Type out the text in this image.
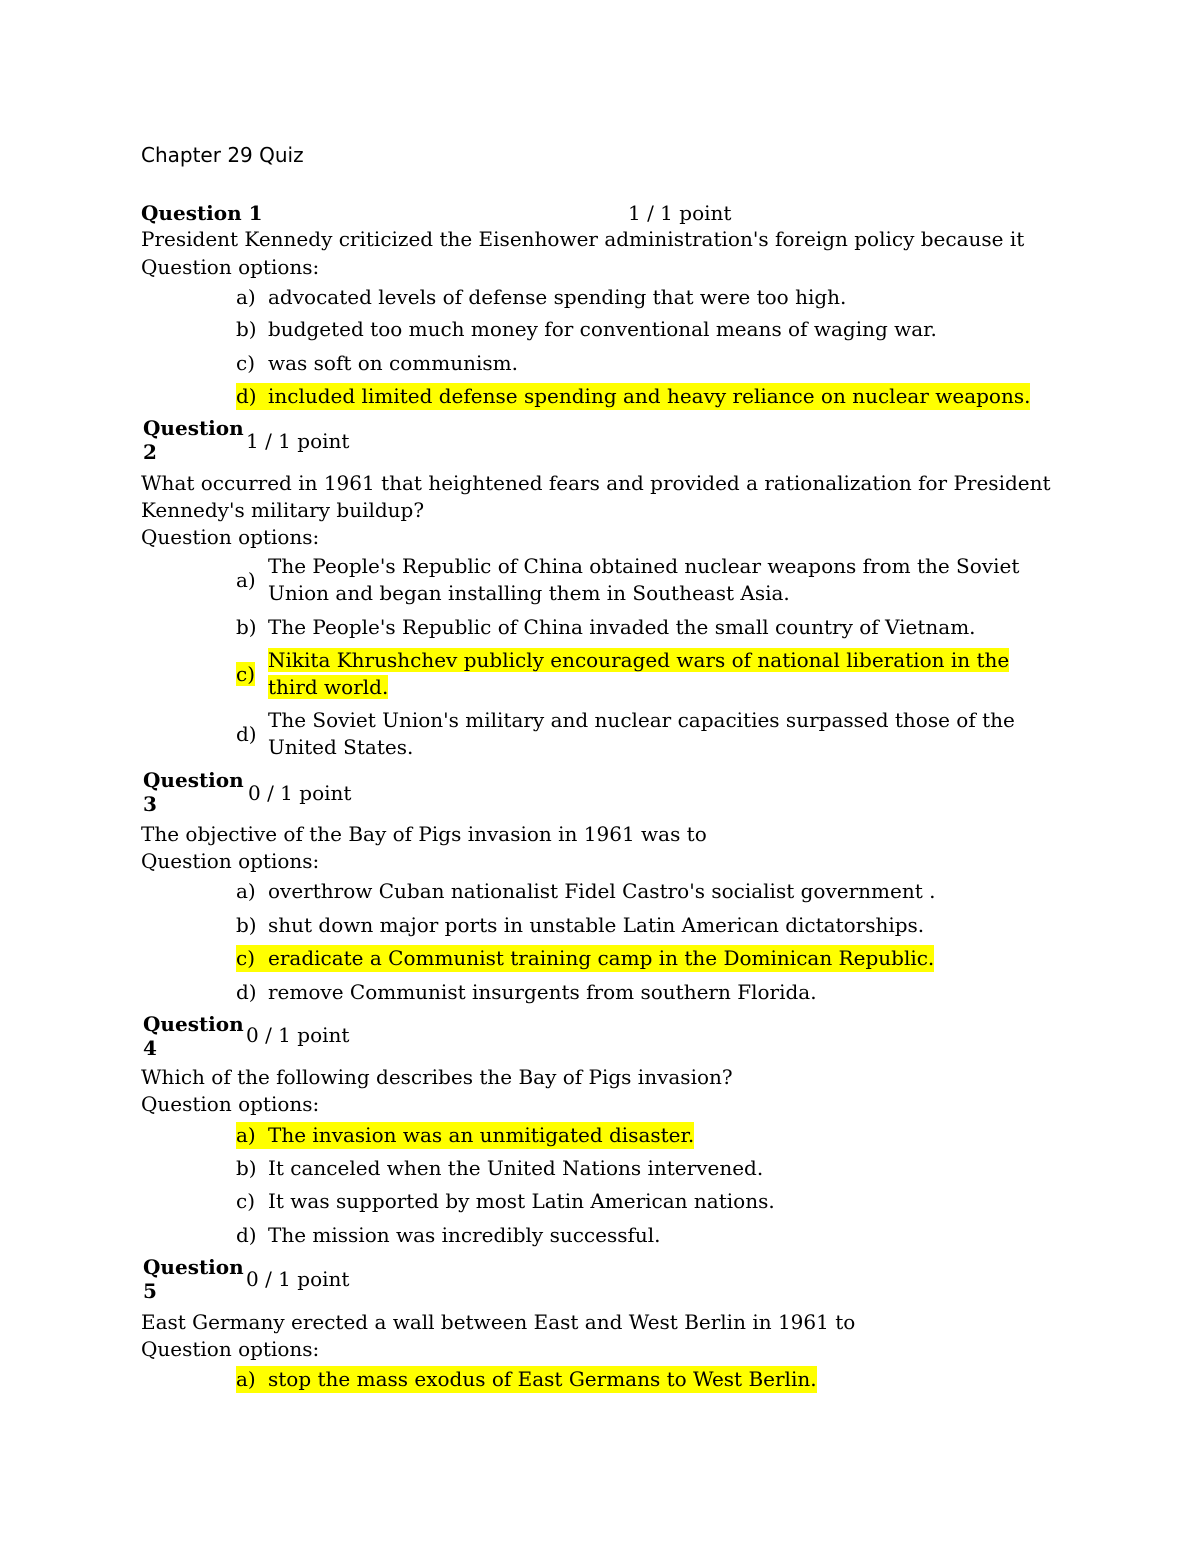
Chapter 29 Quiz
Question 1	1 / 1 point
President Kennedy criticized the Eisenhower administration's foreign policy because it
Question options:
a) advocated levels of defense spending that were too high.
b) budgeted too much money for conventional means of waging war.
c) was soft on communism.
d) included limited defense spending and heavy reliance on nuclear weapons.
Question 2	1 / 1 point
What occurred in 1961 that heightened fears and provided a rationalization for President
Kennedy's military buildup?
Question options:
a)
The People's Republic of China obtained nuclear weapons from the Soviet Union and began installing them in Southeast Asia.
b) The People's Republic of China invaded the small country of Vietnam.
c)
Nikita Khrushchev publicly encouraged wars of national liberation in the third world.
d)
The Soviet Union's military and nuclear capacities surpassed those of the United States.
Question 3	0 / 1 point
The objective of the Bay of Pigs invasion in 1961 was to
Question options:
a) overthrow Cuban nationalist Fidel Castro's socialist government .
b) shut down major ports in unstable Latin American dictatorships.
c) eradicate a Communist training camp in the Dominican Republic.
d) remove Communist insurgents from southern Florida.
Question 4
0 / 1 point
Which of the following describes the Bay of Pigs invasion?
Question options:
a) The invasion was an unmitigated disaster.
b) It canceled when the United Nations intervened.
c) It was supported by most Latin American nations.
d) The mission was incredibly successful.
Question 5	0 / 1 point
East Germany erected a wall between East and West Berlin in 1961 to
Question options:
a) stop the mass exodus of East Germans to West Berlin.
